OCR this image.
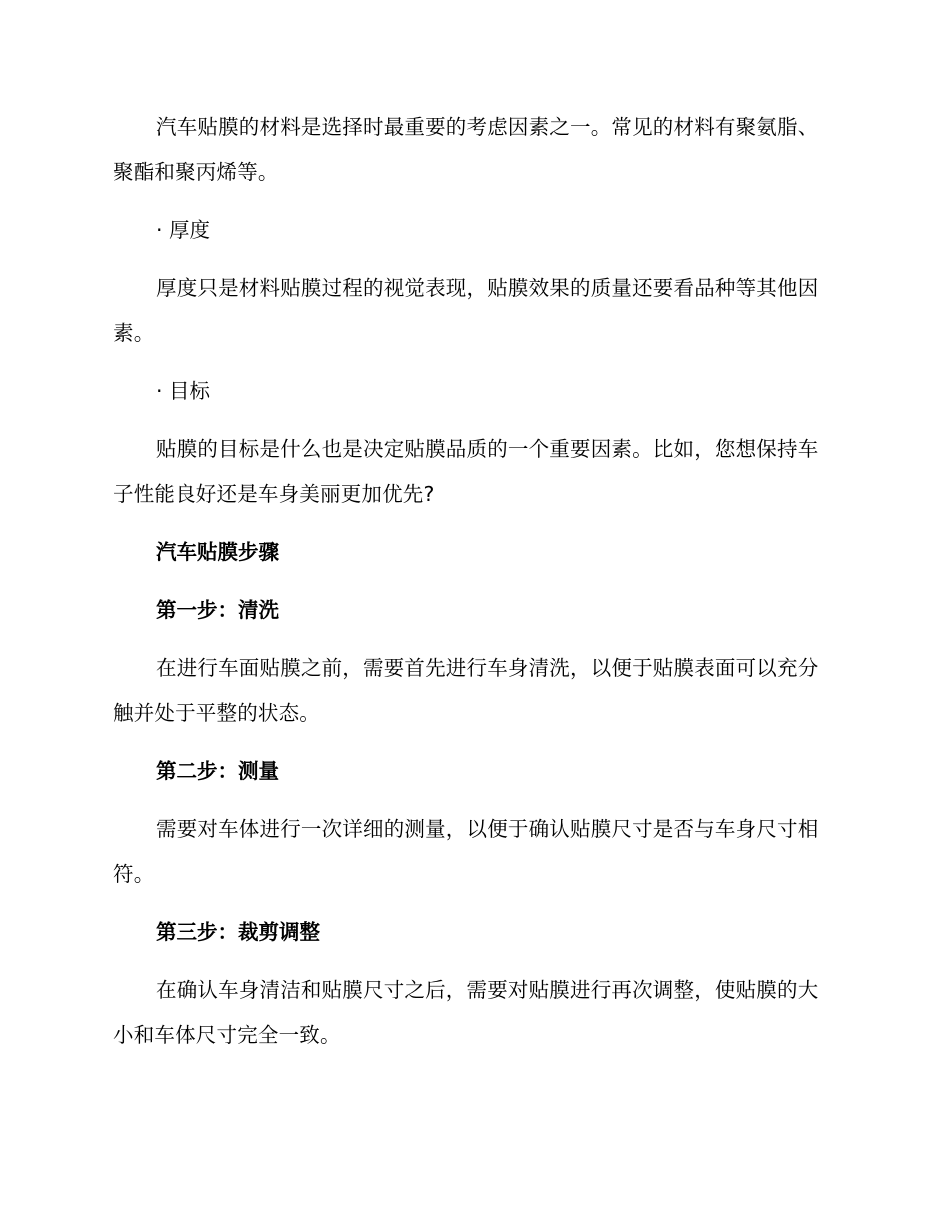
汽车贴膜的材料是选择时最重要的考虑因素之一。常见的材料有聚氨脂、聚酯和聚丙烯等。

· 厚度

厚度只是材料贴膜过程的视觉表现，贴膜效果的质量还要看品种等其他因素。

· 目标

贴膜的目标是什么也是决定贴膜品质的一个重要因素。比如，您想保持车子性能良好还是车身美丽更加优先?

汽车贴膜步骤
第一步：清洗

在进行车面贴膜之前，需要首先进行车身清洗，以便于贴膜表面可以充分触并处于平整的状态。

第二步：测量

需要对车体进行一次详细的测量，以便于确认贴膜尺寸是否与车身尺寸相符。

第三步：裁剪调整

在确认车身清洁和贴膜尺寸之后，需要对贴膜进行再次调整，使贴膜的大小和车体尺寸完全一致。
